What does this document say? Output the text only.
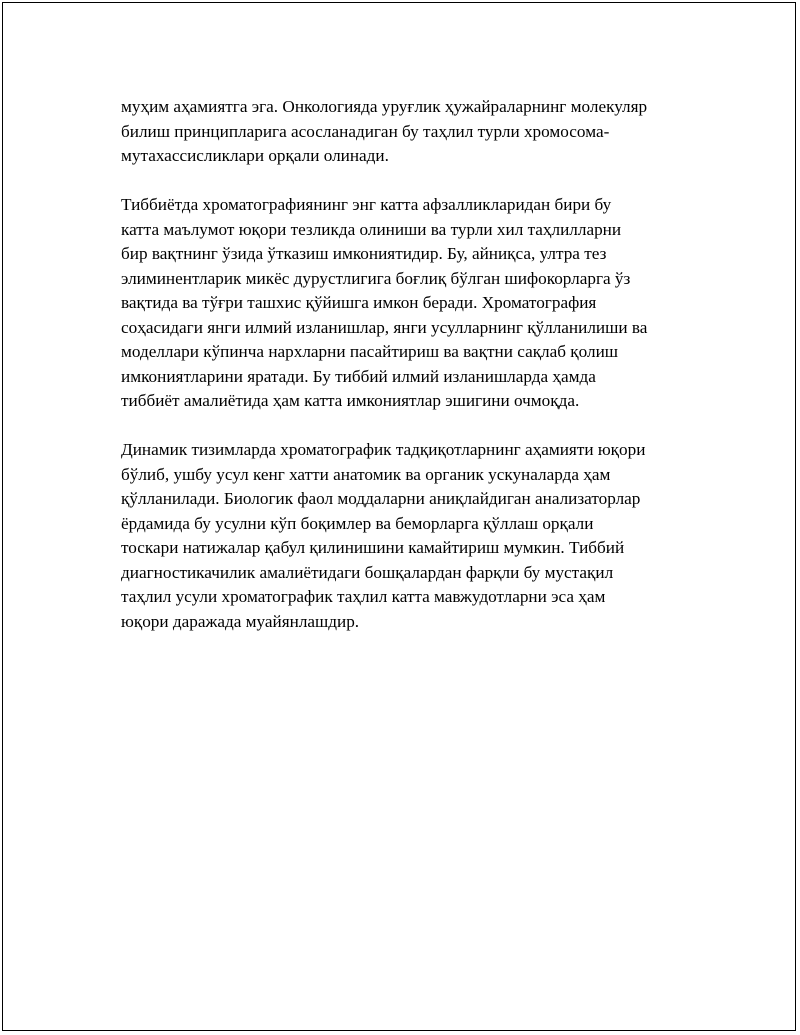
муҳим аҳамиятга эга. Онкологияда уруғлик ҳужайраларнинг молекуляр
билиш принципларига асосланадиган бу таҳлил турли хромосома-
мутахассисликлари орқали олинади.

Тиббиётда хроматографиянинг энг катта афзалликларидан бири бу
катта маълумот юқори тезликда олиниши ва турли хил таҳлилларни
бир вақтнинг ўзида ўтказиш имкониятидир. Бу, айниқса, ултра тез
элиминентларик микёс дурустлигига боғлиқ бўлган шифокорларга ўз
вақтида ва тўғри ташхис қўйишга имкон беради. Хроматография
соҳасидаги янги илмий изланишлар, янги усулларнинг қўлланилиши ва
моделлари кўпинча нархларни пасайтириш ва вақтни сақлаб қолиш
имкониятларини яратади. Бу тиббий илмий изланишларда ҳамда
тиббиёт амалиётида ҳам катта имкониятлар эшигини очмоқда.

Динамик тизимларда хроматографик тадқиқотларнинг аҳамияти юқори
бўлиб, ушбу усул кенг хатти анатомик ва органик ускуналарда ҳам
қўлланилади. Биологик фаол моддаларни аниқлайдиган анализаторлар
ёрдамида бу усулни кўп боқимлер ва беморларга қўллаш орқали
тоскари натижалар қабул қилинишини камайтириш мумкин. Тиббий
диагностикачилик амалиётидаги бошқалардан фарқли бу мустақил
таҳлил усули хроматографик таҳлил катта мавжудотларни эса ҳам
юқори даражада муайянлашдир.
